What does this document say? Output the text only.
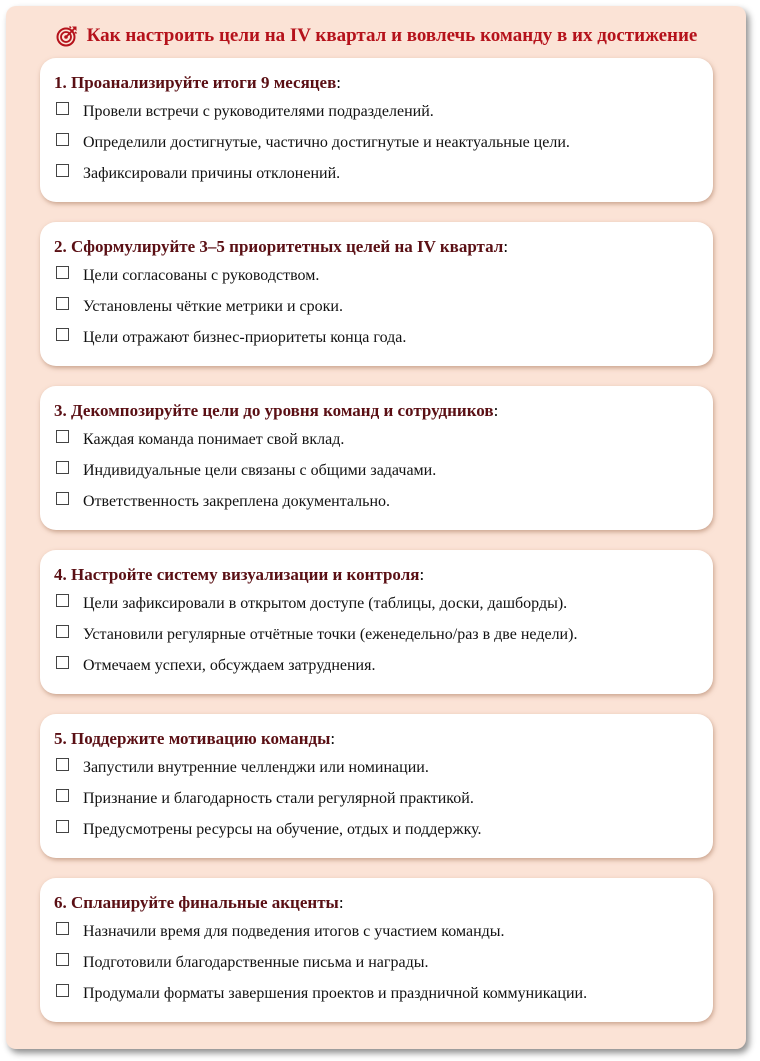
Как настроить цели на IV квартал и вовлечь команду в их достижение
1. Проанализируйте итоги 9 месяцев:
Провели встречи с руководителями подразделений.
Определили достигнутые, частично достигнутые и неактуальные цели.
Зафиксировали причины отклонений.
2. Сформулируйте 3–5 приоритетных целей на IV квартал:
Цели согласованы с руководством.
Установлены чёткие метрики и сроки.
Цели отражают бизнес-приоритеты конца года.
3. Декомпозируйте цели до уровня команд и сотрудников:
Каждая команда понимает свой вклад.
Индивидуальные цели связаны с общими задачами.
Ответственность закреплена документально.
4. Настройте систему визуализации и контроля:
Цели зафиксировали в открытом доступе (таблицы, доски, дашборды).
Установили регулярные отчётные точки (еженедельно/раз в две недели).
Отмечаем успехи, обсуждаем затруднения.
5. Поддержите мотивацию команды:
Запустили внутренние челленджи или номинации.
Признание и благодарность стали регулярной практикой.
Предусмотрены ресурсы на обучение, отдых и поддержку.
6. Спланируйте финальные акценты:
Назначили время для подведения итогов с участием команды.
Подготовили благодарственные письма и награды.
Продумали форматы завершения проектов и праздничной коммуникации.
